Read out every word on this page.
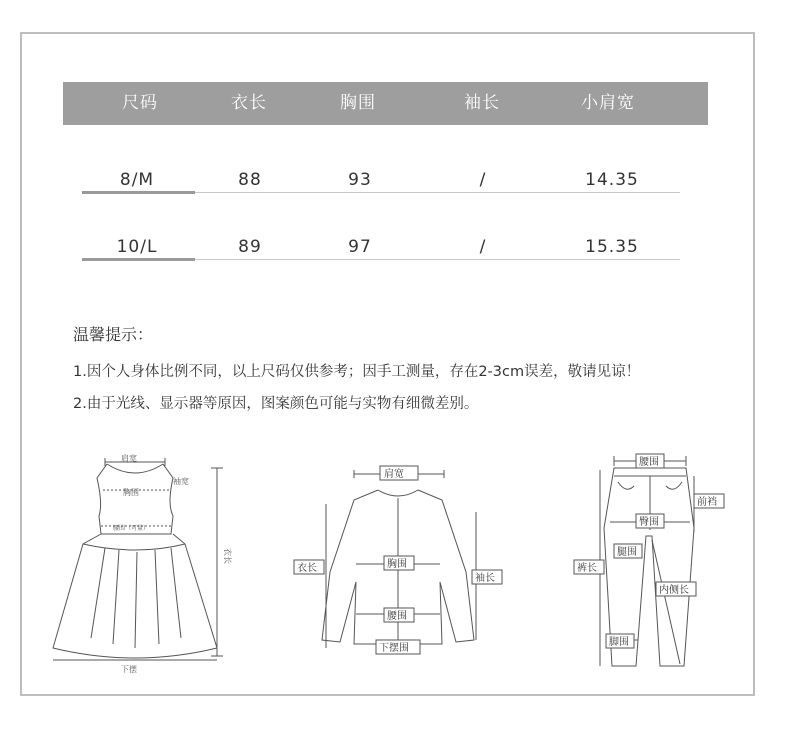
尺码	衣长	胸围	袖长	小肩宽
8/M	88	93	/	14.35
10/L	89	97	/	15.35
温馨提示：
1.因个人身体比例不同，以上尺码仅供参考；因手工测量，存在2-3cm误差，敬请见谅！
2.由于光线、显示器等原因，图案颜色可能与实物有细微差别。
肩宽
胸围
袖宽
腰围（可量）
衣长
下摆
肩宽
胸围
腰围
下摆围
衣长
袖长
腰围
前裆
臀围
腿围
裤长
内侧长
脚围
